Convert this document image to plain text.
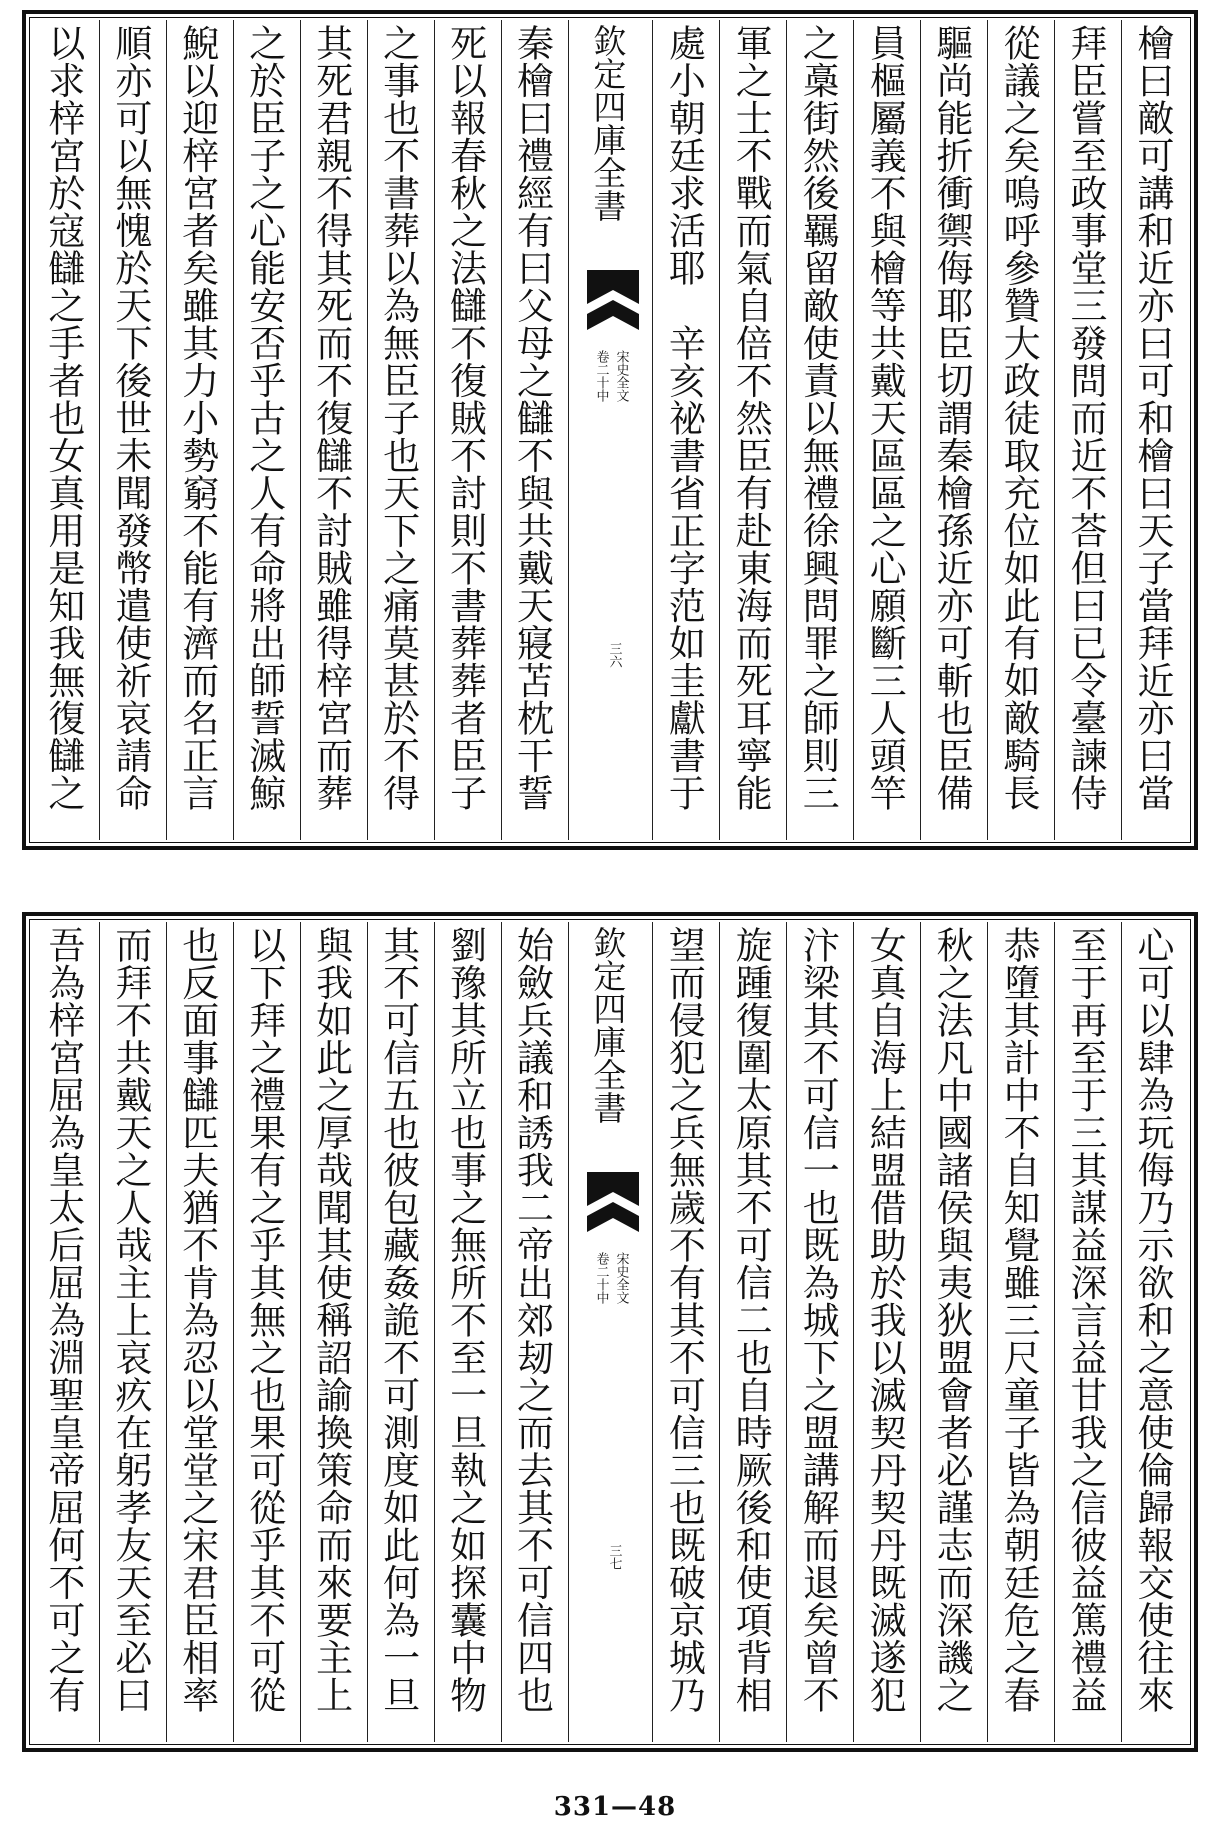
檜曰敵可講和近亦曰可和檜曰天子當拜近亦曰當
拜臣嘗至政事堂三發問而近不荅但曰已令臺諫侍
從議之矣嗚呼參贊大政徒取充位如此有如敵騎長
驅尚能折衝禦侮耶臣切謂秦檜孫近亦可斬也臣備
員樞屬義不與檜等共戴天區區之心願斷三人頭竿
之槀街然後羈留敵使責以無禮徐興問罪之師則三
軍之士不戰而氣自倍不然臣有赴東海而死耳寧能
處小朝廷求活耶　辛亥祕書省正字范如圭獻書于
欽定四庫全書
宋史全文
卷二十中
三六
秦檜曰禮經有曰父母之讎不與共戴天寢苫枕干誓
死以報春秋之法讎不復賊不討則不書葬葬者臣子
之事也不書葬以為無臣子也天下之痛莫甚於不得
其死君親不得其死而不復讎不討賊雖得梓宮而葬
之於臣子之心能安否乎古之人有命將出師誓滅鯨
鯢以迎梓宮者矣雖其力小勢窮不能有濟而名正言
順亦可以無愧於天下後世未聞發幣遣使祈哀請命
以求梓宮於寇讎之手者也女真用是知我無復讎之
心可以肆為玩侮乃示欲和之意使倫歸報交使往來
至于再至于三其謀益深言益甘我之信彼益篤禮益
恭墮其計中不自知覺雖三尺童子皆為朝廷危之春
秋之法凡中國諸侯與夷狄盟會者必謹志而深譏之
女真自海上結盟借助於我以滅契丹契丹既滅遂犯
汴梁其不可信一也既為城下之盟講解而退矣曾不
旋踵復圍太原其不可信二也自時厥後和使項背相
望而侵犯之兵無歲不有其不可信三也既破京城乃
欽定四庫全書
宋史全文
卷二十中
三七
始斂兵議和誘我二帝出郊刼之而去其不可信四也
劉豫其所立也事之無所不至一旦執之如探囊中物
其不可信五也彼包藏姦詭不可測度如此何為一旦
與我如此之厚哉聞其使稱詔諭換策命而來要主上
以下拜之禮果有之乎其無之也果可從乎其不可從
也反面事讎匹夫猶不肯為忍以堂堂之宋君臣相率
而拜不共戴天之人哉主上哀疚在躬孝友天至必曰
吾為梓宮屈為皇太后屈為淵聖皇帝屈何不可之有
331—48
